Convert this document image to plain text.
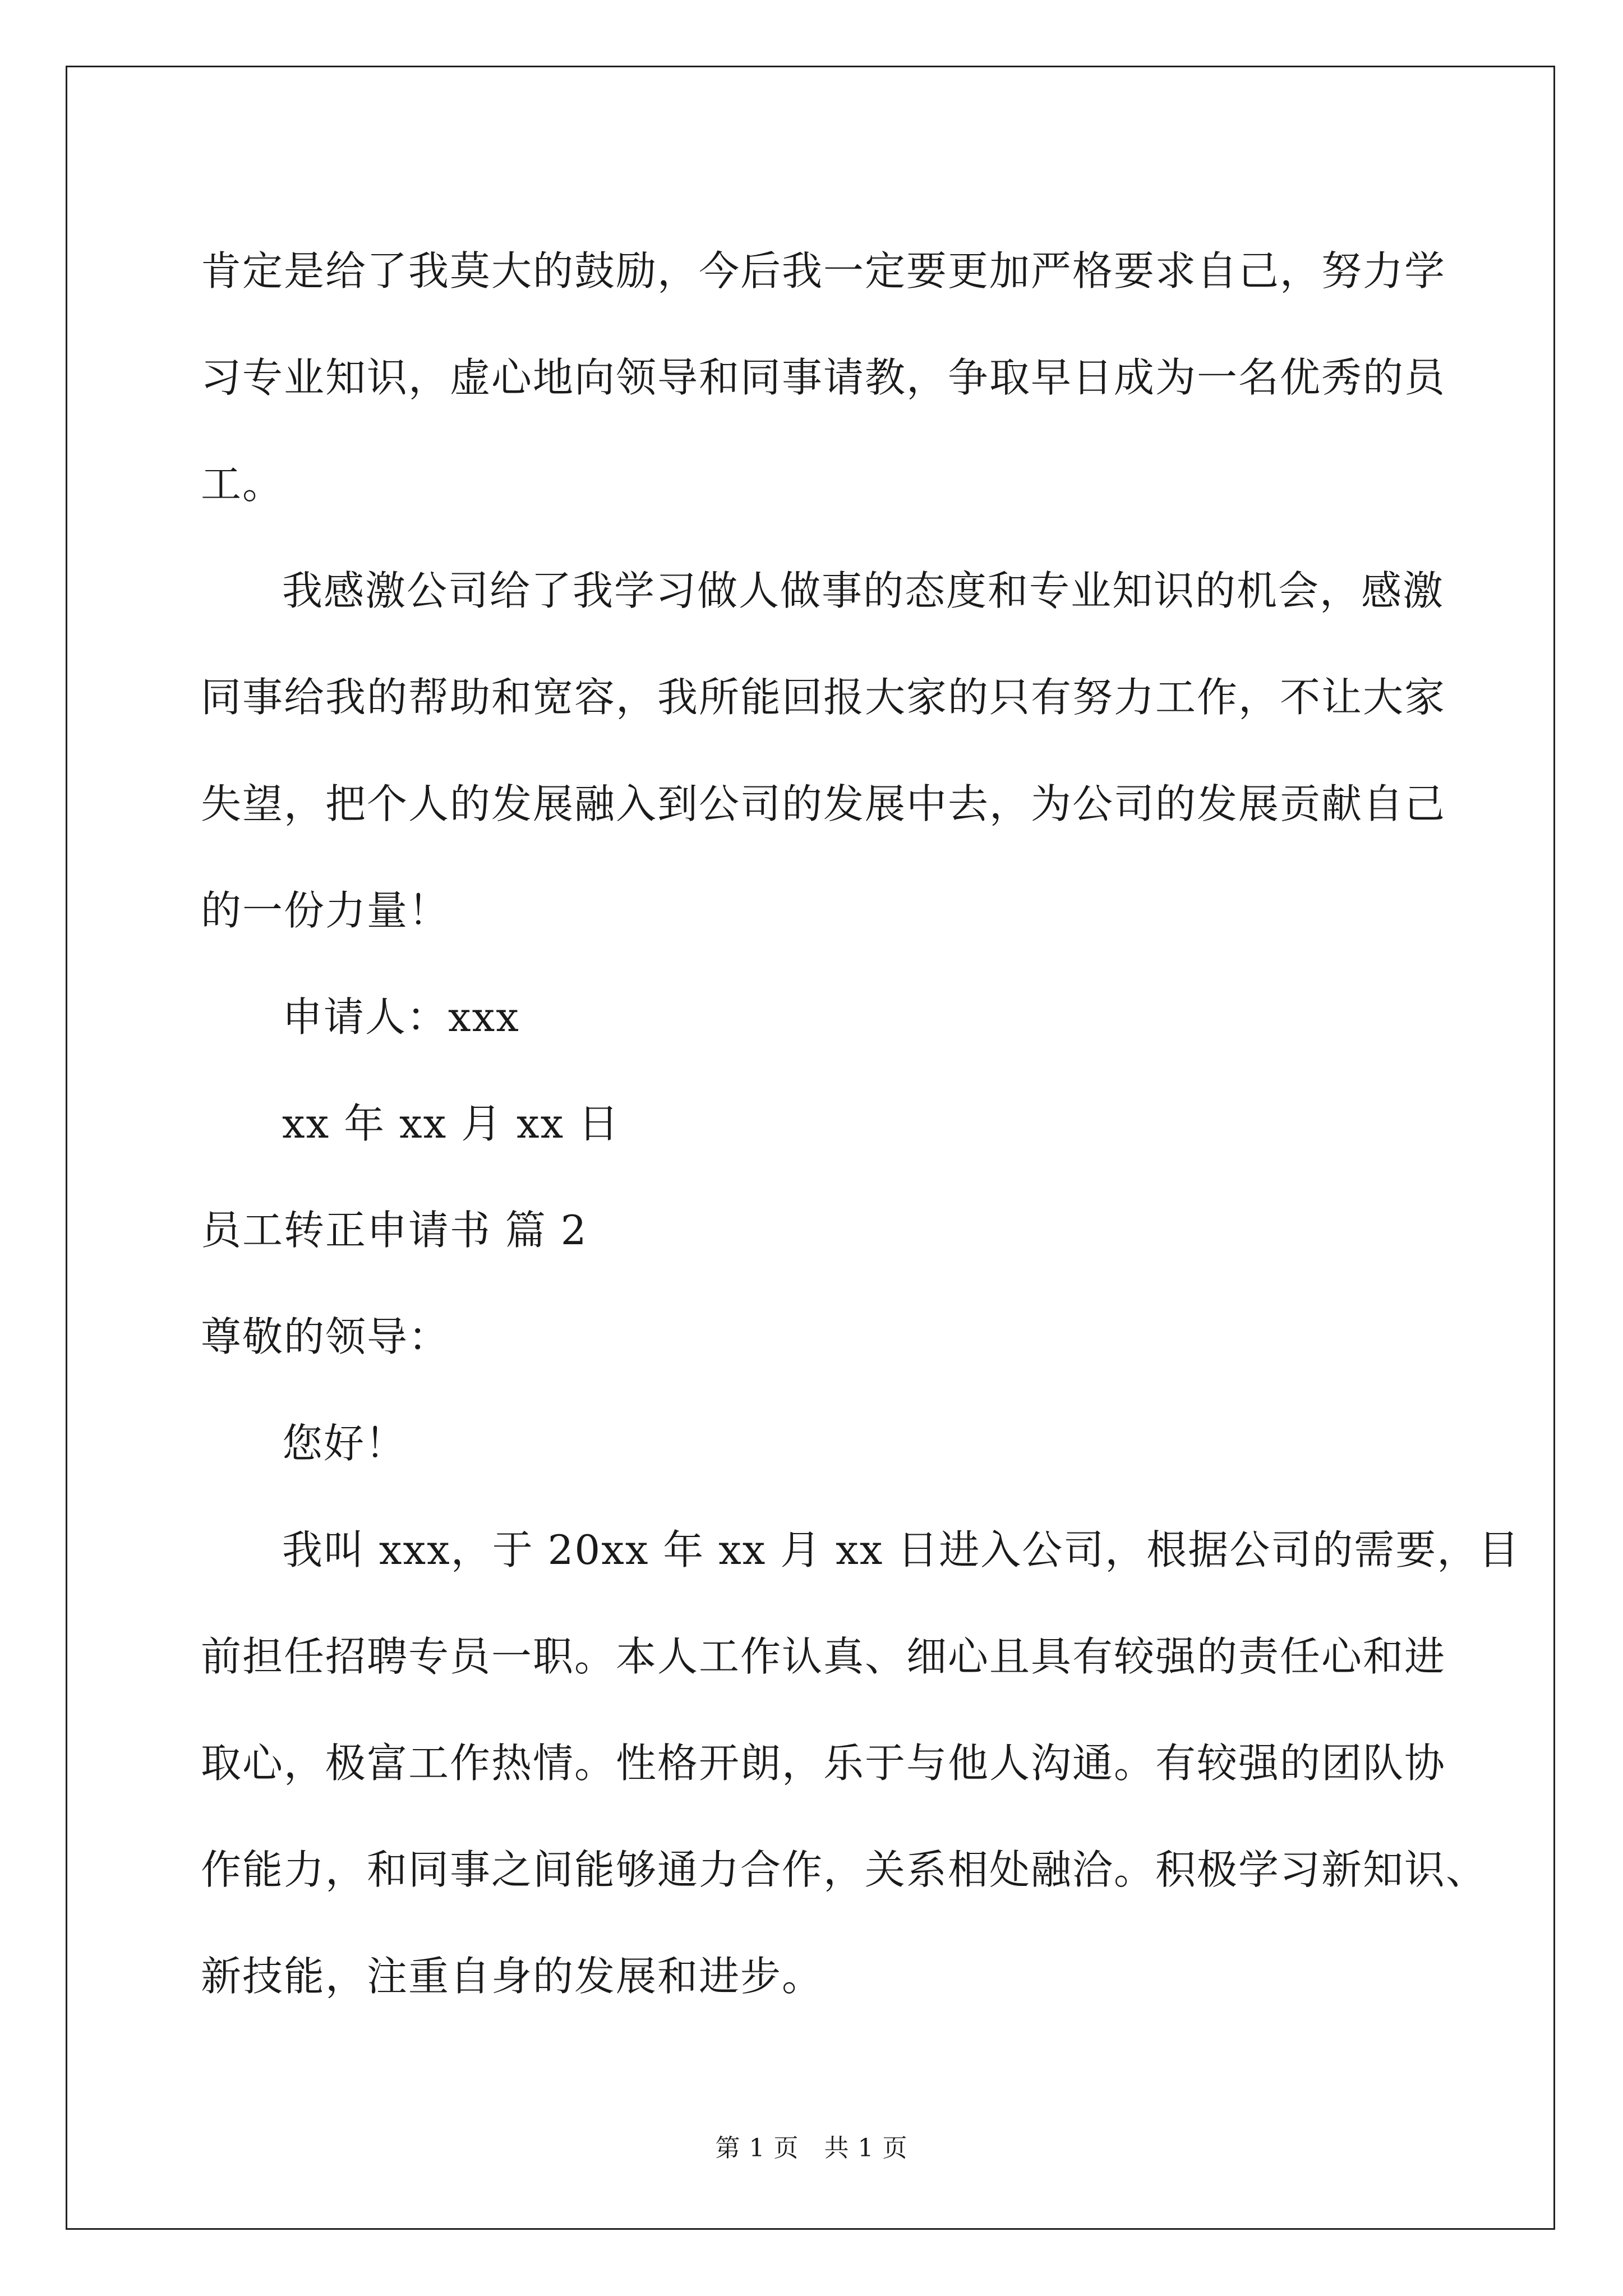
肯定是给了我莫大的鼓励，今后我一定要更加严格要求自己，努力学
习专业知识，虚心地向领导和同事请教，争取早日成为一名优秀的员
工。
我感激公司给了我学习做人做事的态度和专业知识的机会，感激
同事给我的帮助和宽容，我所能回报大家的只有努力工作，不让大家
失望，把个人的发展融入到公司的发展中去，为公司的发展贡献自己
的一份力量！
申请人：xxx
xx 年 xx 月 xx 日
员工转正申请书 篇 2
尊敬的领导：
您好！
我叫 xxx，于 20xx 年 xx 月 xx 日进入公司，根据公司的需要，目
前担任招聘专员一职。本人工作认真、细心且具有较强的责任心和进
取心，极富工作热情。性格开朗，乐于与他人沟通。有较强的团队协
作能力，和同事之间能够通力合作，关系相处融洽。积极学习新知识、
新技能，注重自身的发展和进步。
第 1 页　共 1 页
